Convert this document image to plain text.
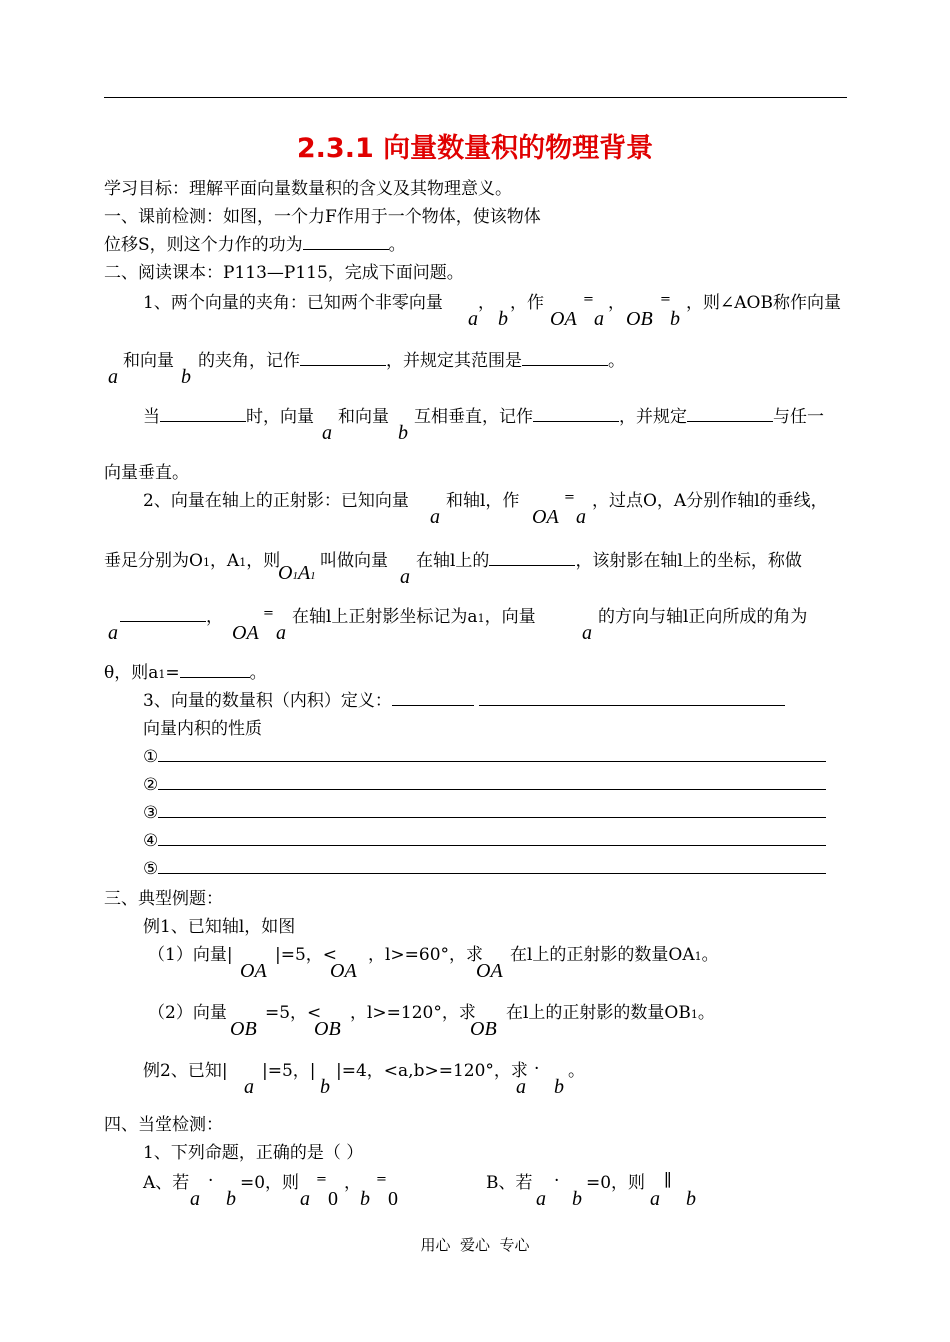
2.3.1 向量数量积的物理背景
学习目标：理解平面向量数量积的含义及其物理意义。
一、课前检测：如图，一个力F作用于一个物体，使该物体
位移S，则这个力作的功为	。
二、阅读课本：P113—P115，完成下面问题。
1、两个向量的夹角：已知两个非零向量
a
，
b
，作
OA
=
a
，
OB
=
b
，则∠AOB称作向量
a
和向量
b
的夹角，记作	，并规定其范围是	。
当	时，向量
a
和向量
b
互相垂直，记作	，并规定	与任一
向量垂直。
2、向量在轴上的正射影：已知向量
a
和轴l，作
OA
=
a
，过点O，A分别作轴l的垂线，
垂足分别为O1，A1，则
O1A1
叫做向量
a
在轴l上的	，该射影在轴l上的坐标，称做
a
，
OA
=
a
在轴l上正射影坐标记为a1，向量
a
的方向与轴l正向所成的角为
θ，则a1=	。
3、向量的数量积（内积）定义：
向量内积的性质
①
②
③
④
⑤
三、典型例题：
例1、已知轴l，如图
（1）向量|
OA
|=5，<
OA
，l>=60°，求
OA
在l上的正射影的数量OA1。
（2）向量
OB
=5，<
OB
，l>=120°，求
OB
在l上的正射影的数量OB1。
例2、已知|
a
|=5，|
b
|=4，<a,b>=120°，求
a
·
b
。
四、当堂检测：
1、下列命题，正确的是（ ）
A、若
a
·
b
=0，则
a
=
0
，
b
=
0
B、若
a
·
b
=0，则
a
∥
b
用心  爱心  专心
